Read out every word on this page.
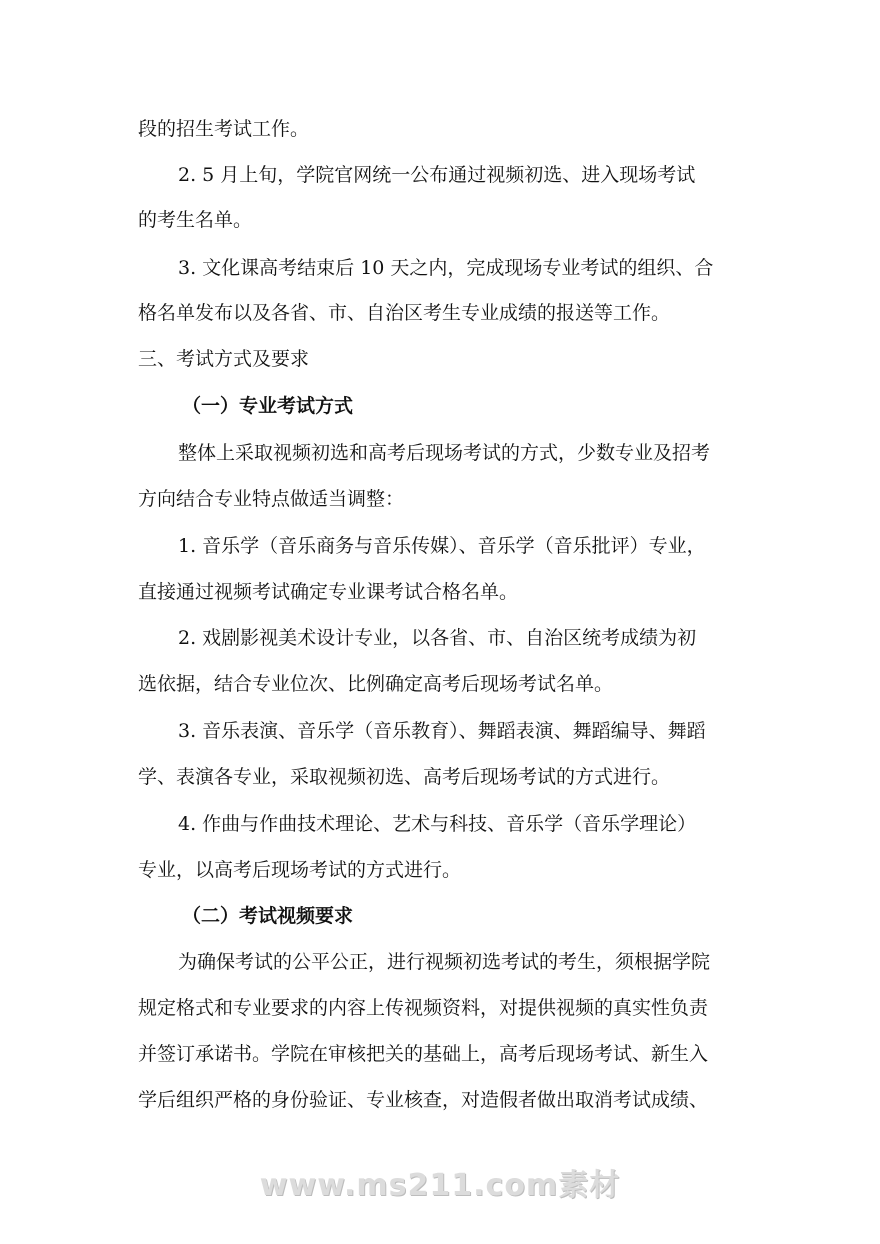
段的招生考试工作。
2. 5 月上旬，学院官网统一公布通过视频初选、进入现场考试
的考生名单。
3. 文化课高考结束后 10 天之内，完成现场专业考试的组织、合
格名单发布以及各省、市、自治区考生专业成绩的报送等工作。
三、考试方式及要求
（一）专业考试方式
整体上采取视频初选和高考后现场考试的方式，少数专业及招考
方向结合专业特点做适当调整：
1. 音乐学（音乐商务与音乐传媒）、音乐学（音乐批评）专业，
直接通过视频考试确定专业课考试合格名单。
2. 戏剧影视美术设计专业，以各省、市、自治区统考成绩为初
选依据，结合专业位次、比例确定高考后现场考试名单。
3. 音乐表演、音乐学（音乐教育）、舞蹈表演、舞蹈编导、舞蹈
学、表演各专业，采取视频初选、高考后现场考试的方式进行。
4. 作曲与作曲技术理论、艺术与科技、音乐学（音乐学理论）
专业，以高考后现场考试的方式进行。
（二）考试视频要求
为确保考试的公平公正，进行视频初选考试的考生，须根据学院
规定格式和专业要求的内容上传视频资料，对提供视频的真实性负责
并签订承诺书。学院在审核把关的基础上，高考后现场考试、新生入
学后组织严格的身份验证、专业核查，对造假者做出取消考试成绩、
www.ms211.com素材
